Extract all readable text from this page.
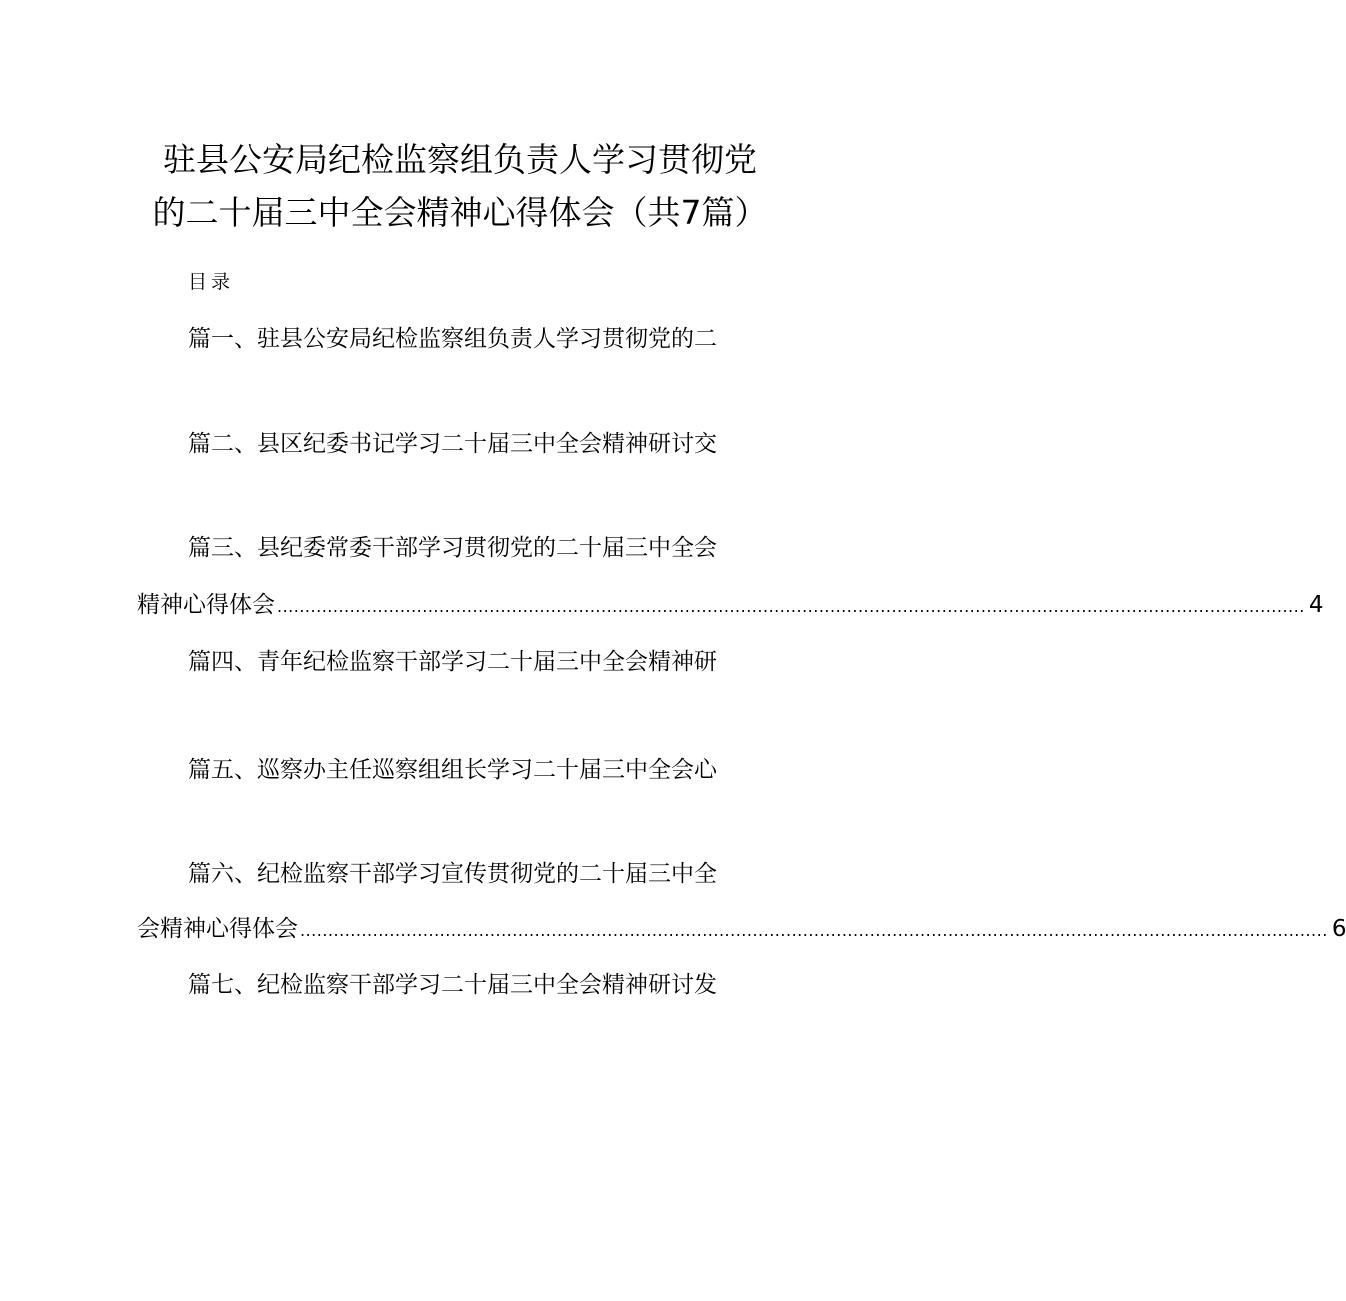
驻县公安局纪检监察组负责人学习贯彻党
的二十届三中全会精神心得体会（共7篇）
目录
篇一、驻县公安局纪检监察组负责人学习贯彻党的二
篇二、县区纪委书记学习二十届三中全会精神研讨交
篇三、县纪委常委干部学习贯彻党的二十届三中全会
精神心得体会 ........................................................................................................................................................................................ 4
篇四、青年纪检监察干部学习二十届三中全会精神研
篇五、巡察办主任巡察组组长学习二十届三中全会心
篇六、纪检监察干部学习宣传贯彻党的二十届三中全
会精神心得体会 ........................................................................................................................................................................................ 6
篇七、纪检监察干部学习二十届三中全会精神研讨发
